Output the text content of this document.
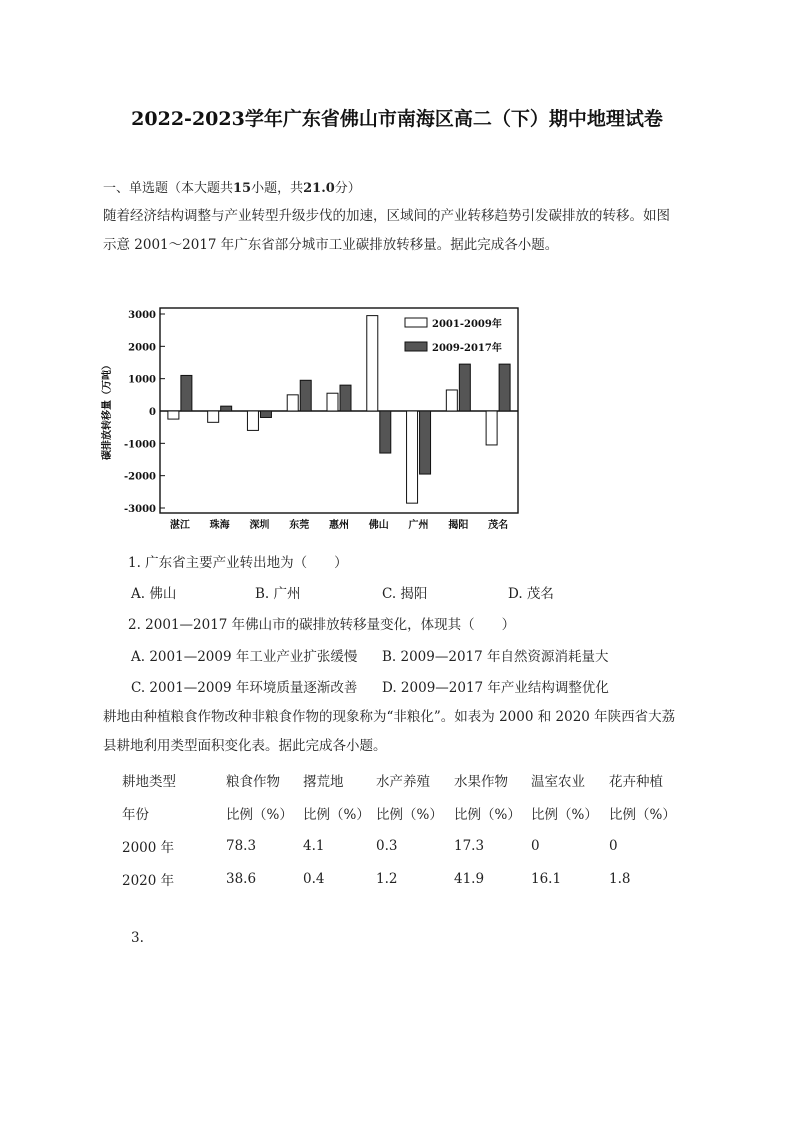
2022-2023学年广东省佛山市南海区高二（下）期中地理试卷
一、单选题（本大题共15小题，共21.0分）
随着经济结构调整与产业转型升级步伐的加速，区域间的产业转移趋势引发碳排放的转移。如图
示意 2001～2017 年广东省部分城市工业碳排放转移量。据此完成各小题。
碳排放转移量（万吨）
3000
2000
1000
0
-1000
-2000
-3000
湛江 珠海 深圳 东莞 惠州 佛山 广州 揭阳 茂名
2001-2009年
2009-2017年
1. 广东省主要产业转出地为（　　）
A. 佛山	B. 广州	C. 揭阳	D. 茂名
2. 2001—2017 年佛山市的碳排放转移量变化，体现其（　　）
A. 2001—2009 年工业产业扩张缓慢 B. 2009—2017 年自然资源消耗量大
C. 2001—2009 年环境质量逐渐改善 D. 2009—2017 年产业结构调整优化
耕地由种植粮食作物改种非粮食作物的现象称为“非粮化”。如表为 2000 和 2020 年陕西省大荔
县耕地利用类型面积变化表。据此完成各小题。
耕地类型	粮食作物	撂荒地	水产养殖	水果作物	温室农业	花卉种植
年份	比例（%）	比例（%）	比例（%）	比例（%）	比例（%）	比例（%）
2000 年	78.3	4.1	0.3	17.3	0	0
2020 年	38.6	0.4	1.2	41.9	16.1	1.8
3.
